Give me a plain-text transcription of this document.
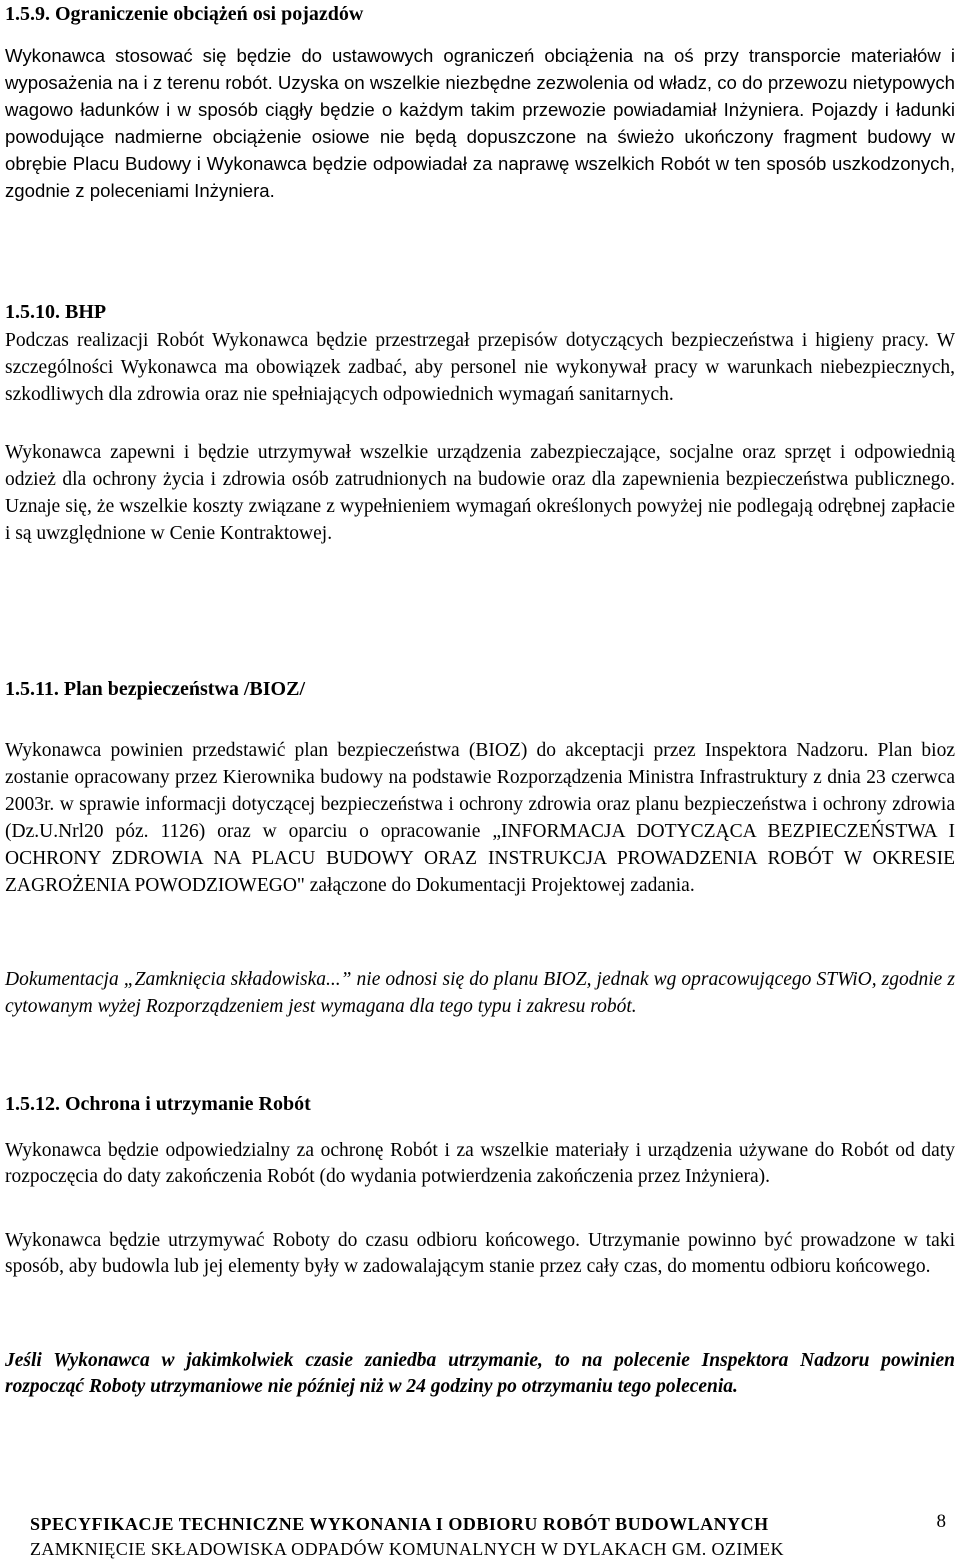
1.5.9. Ograniczenie obciążeń osi pojazdów

Wykonawca stosować się będzie do ustawowych ograniczeń obciążenia na oś przy transporcie materiałów i wyposażenia na i z terenu robót. Uzyska on wszelkie niezbędne zezwolenia od władz, co do przewozu nietypowych wagowo ładunków i w sposób ciągły będzie o każdym takim przewozie powiadamiał Inżyniera. Pojazdy i ładunki powodujące nadmierne obciążenie osiowe nie będą dopuszczone na świeżo ukończony fragment budowy w obrębie Placu Budowy i Wykonawca będzie odpowiadał za naprawę wszelkich Robót w ten sposób uszkodzonych, zgodnie z poleceniami Inżyniera.

1.5.10. BHP

Podczas realizacji Robót Wykonawca będzie przestrzegał przepisów dotyczących bezpieczeństwa i higieny pracy. W szczególności Wykonawca ma obowiązek zadbać, aby personel nie wykonywał pracy w warunkach niebezpiecznych, szkodliwych dla zdrowia oraz nie spełniających odpowiednich wymagań sanitarnych.

Wykonawca zapewni i będzie utrzymywał wszelkie urządzenia zabezpieczające, socjalne oraz sprzęt i odpowiednią odzież dla ochrony życia i zdrowia osób zatrudnionych na budowie oraz dla zapewnienia bezpieczeństwa publicznego. Uznaje się, że wszelkie koszty związane z wypełnieniem wymagań określonych powyżej nie podlegają odrębnej zapłacie i są uwzględnione w Cenie Kontraktowej.

1.5.11. Plan bezpieczeństwa /BIOZ/

Wykonawca powinien przedstawić plan bezpieczeństwa (BIOZ) do akceptacji przez Inspektora Nadzoru. Plan bioz zostanie opracowany przez Kierownika budowy na podstawie Rozporządzenia Ministra Infrastruktury z dnia 23 czerwca 2003r. w sprawie informacji dotyczącej bezpieczeństwa i ochrony zdrowia oraz planu bezpieczeństwa i ochrony zdrowia (Dz.U.Nrl20 póz. 1126) oraz w oparciu o opracowanie „INFORMACJA DOTYCZĄCA BEZPIECZEŃSTWA I OCHRONY ZDROWIA NA PLACU BUDOWY ORAZ INSTRUKCJA PROWADZENIA ROBÓT W OKRESIE ZAGROŻENIA POWODZIOWEGO" załączone do Dokumentacji Projektowej zadania.

Dokumentacja „Zamknięcia składowiska...” nie odnosi się do planu BIOZ, jednak wg opracowującego STWiO, zgodnie z cytowanym wyżej Rozporządzeniem jest wymagana dla tego typu i zakresu robót.

1.5.12. Ochrona i utrzymanie Robót

Wykonawca będzie odpowiedzialny za ochronę Robót i za wszelkie materiały i urządzenia używane do Robót od daty rozpoczęcia do daty zakończenia Robót (do wydania potwierdzenia zakończenia przez Inżyniera).

Wykonawca będzie utrzymywać Roboty do czasu odbioru końcowego. Utrzymanie powinno być prowadzone w taki sposób, aby budowla lub jej elementy były w zadowalającym stanie przez cały czas, do momentu odbioru końcowego.

Jeśli Wykonawca w jakimkolwiek czasie zaniedba utrzymanie, to na polecenie Inspektora Nadzoru powinien rozpocząć Roboty utrzymaniowe nie później niż w 24 godziny po otrzymaniu tego polecenia.

SPECYFIKACJE TECHNICZNE WYKONANIA I ODBIORU ROBÓT BUDOWLANYCH
ZAMKNIĘCIE SKŁADOWISKA ODPADÓW KOMUNALNYCH W DYLAKACH GM. OZIMEK
8
